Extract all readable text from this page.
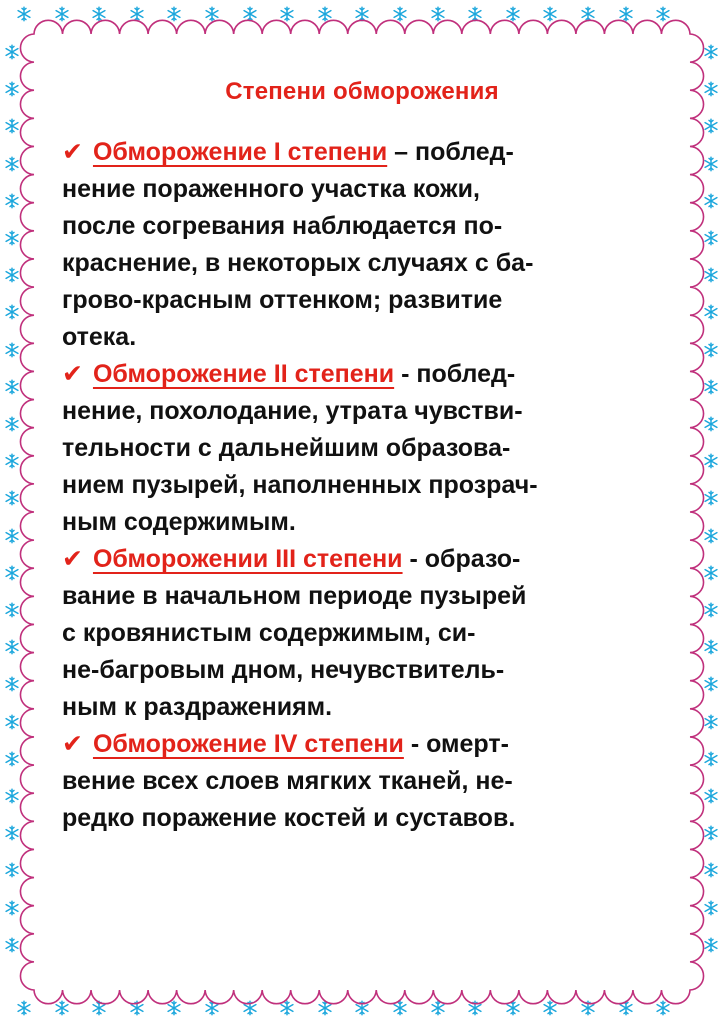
Степени обморожения
✔ Обморожение I степени – поблед-
нение пораженного участка кожи,
после согревания наблюдается по-
краснение, в некоторых случаях с ба-
грово-красным оттенком; развитие
отека.
✔ Обморожение II степени - поблед-
нение, похолодание, утрата чувстви-
тельности с дальнейшим образова-
нием пузырей, наполненных прозрач-
ным содержимым.
✔ Обморожении III степени - образо-
вание в начальном периоде пузырей
с кровянистым содержимым, си-
не-багровым дном, нечувствитель-
ным к раздражениям.
✔ Обморожение IV степени - омерт-
вение всех слоев мягких тканей, не-
редко поражение костей и суставов.
